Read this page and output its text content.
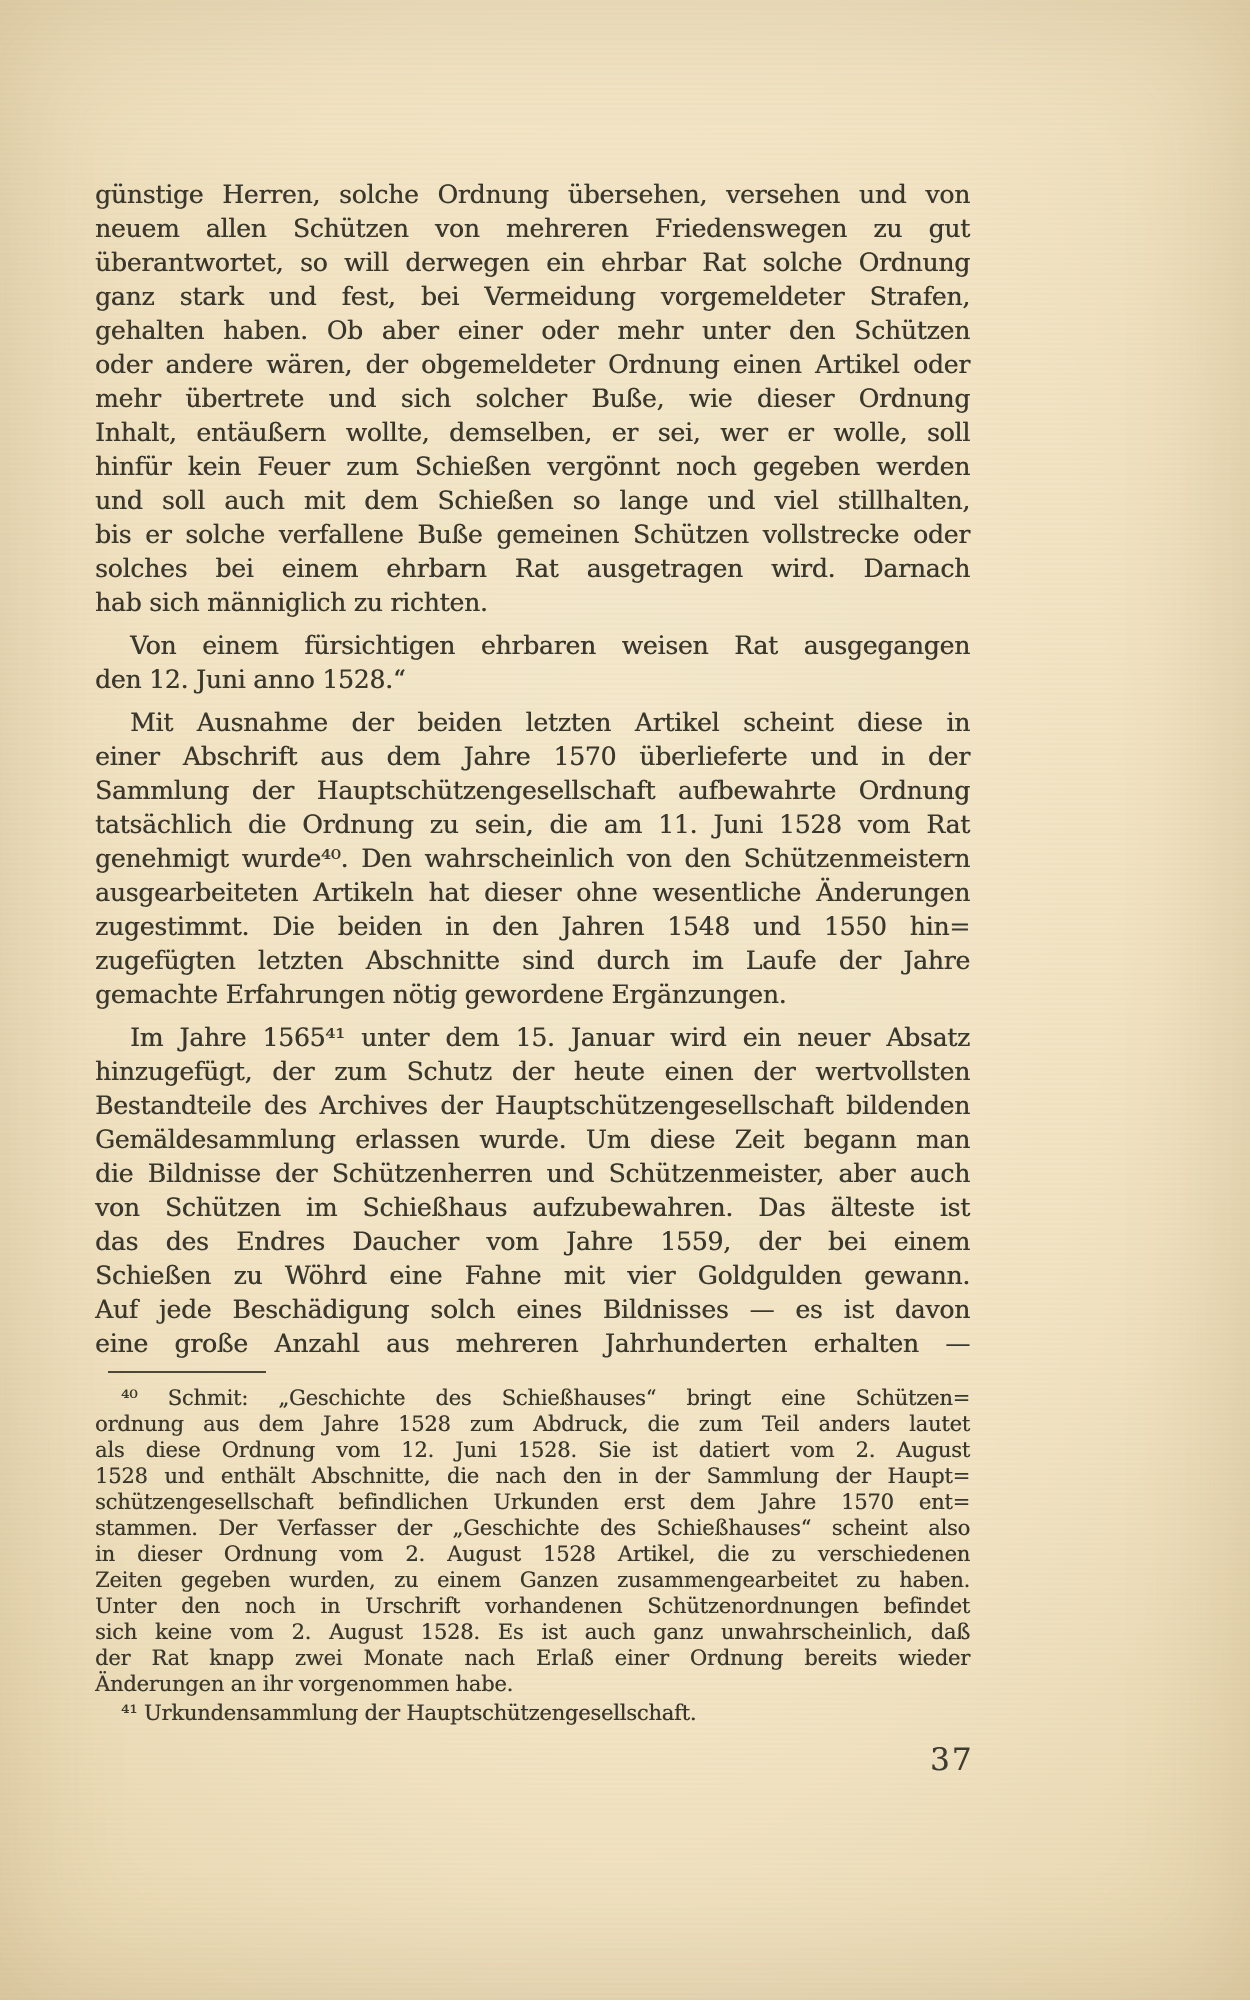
günstige Herren, solche Ordnung übersehen, versehen und von
neuem allen Schützen von mehreren Friedenswegen zu gut
überantwortet, so will derwegen ein ehrbar Rat solche Ordnung
ganz stark und fest, bei Vermeidung vorgemeldeter Strafen,
gehalten haben. Ob aber einer oder mehr unter den Schützen
oder andere wären, der obgemeldeter Ordnung einen Artikel oder
mehr übertrete und sich solcher Buße, wie dieser Ordnung
Inhalt, entäußern wollte, demselben, er sei, wer er wolle, soll
hinfür kein Feuer zum Schießen vergönnt noch gegeben werden
und soll auch mit dem Schießen so lange und viel stillhalten,
bis er solche verfallene Buße gemeinen Schützen vollstrecke oder
solches bei einem ehrbarn Rat ausgetragen wird. Darnach
hab sich männiglich zu richten.
Von einem fürsichtigen ehrbaren weisen Rat ausgegangen
den 12. Juni anno 1528.“
Mit Ausnahme der beiden letzten Artikel scheint diese in
einer Abschrift aus dem Jahre 1570 überlieferte und in der
Sammlung der Hauptschützengesellschaft aufbewahrte Ordnung
tatsächlich die Ordnung zu sein, die am 11. Juni 1528 vom Rat
genehmigt wurde⁴⁰. Den wahrscheinlich von den Schützenmeistern
ausgearbeiteten Artikeln hat dieser ohne wesentliche Änderungen
zugestimmt. Die beiden in den Jahren 1548 und 1550 hin=
zugefügten letzten Abschnitte sind durch im Laufe der Jahre
gemachte Erfahrungen nötig gewordene Ergänzungen.
Im Jahre 1565⁴¹ unter dem 15. Januar wird ein neuer Absatz
hinzugefügt, der zum Schutz der heute einen der wertvollsten
Bestandteile des Archives der Hauptschützengesellschaft bildenden
Gemäldesammlung erlassen wurde. Um diese Zeit begann man
die Bildnisse der Schützenherren und Schützenmeister, aber auch
von Schützen im Schießhaus aufzubewahren. Das älteste ist
das des Endres Daucher vom Jahre 1559, der bei einem
Schießen zu Wöhrd eine Fahne mit vier Goldgulden gewann.
Auf jede Beschädigung solch eines Bildnisses — es ist davon
eine große Anzahl aus mehreren Jahrhunderten erhalten —
⁴⁰ Schmit: „Geschichte des Schießhauses“ bringt eine Schützen=
ordnung aus dem Jahre 1528 zum Abdruck, die zum Teil anders lautet
als diese Ordnung vom 12. Juni 1528. Sie ist datiert vom 2. August
1528 und enthält Abschnitte, die nach den in der Sammlung der Haupt=
schützengesellschaft befindlichen Urkunden erst dem Jahre 1570 ent=
stammen. Der Verfasser der „Geschichte des Schießhauses“ scheint also
in dieser Ordnung vom 2. August 1528 Artikel, die zu verschiedenen
Zeiten gegeben wurden, zu einem Ganzen zusammengearbeitet zu haben.
Unter den noch in Urschrift vorhandenen Schützenordnungen befindet
sich keine vom 2. August 1528. Es ist auch ganz unwahrscheinlich, daß
der Rat knapp zwei Monate nach Erlaß einer Ordnung bereits wieder
Änderungen an ihr vorgenommen habe.
⁴¹ Urkundensammlung der Hauptschützengesellschaft.
37
